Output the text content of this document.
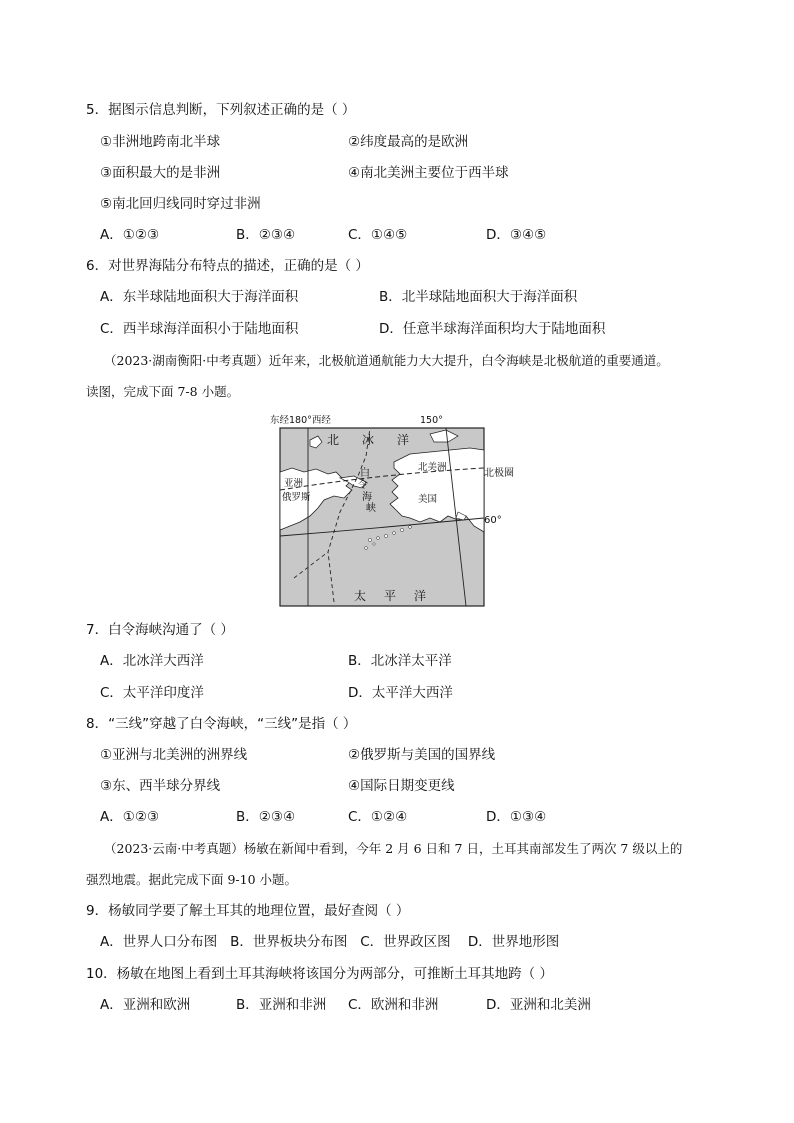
5．据图示信息判断，下列叙述正确的是（ ）
①非洲地跨南北半球	②纬度最高的是欧洲
③面积最大的是非洲	④南北美洲主要位于西半球
⑤南北回归线同时穿过非洲
A．①②③	B．②③④	C．①④⑤	D．③④⑤
6．对世界海陆分布特点的描述，正确的是（ ）
A．东半球陆地面积大于海洋面积	B．北半球陆地面积大于海洋面积
C．西半球海洋面积小于陆地面积	D．任意半球海洋面积均大于陆地面积
（2023·湖南衡阳·中考真题）近年来，北极航道通航能力大大提升，白令海峡是北极航道的重要通道。
读图，完成下面 7-8 小题。
东经180°西经	150°
北 冰 洋
北美洲
亚洲
俄罗斯
白
令
海
峡
美国
太 平 洋
北极圈
60°
7．白令海峡沟通了（ ）
A．北冰洋大西洋	B．北冰洋太平洋
C．太平洋印度洋	D．太平洋大西洋
8．“三线”穿越了白令海峡，“三线”是指（ ）
①亚洲与北美洲的洲界线	②俄罗斯与美国的国界线
③东、西半球分界线	④国际日期变更线
A．①②③	B．②③④	C．①②④	D．①③④
（2023·云南·中考真题）杨敏在新闻中看到，今年 2 月 6 日和 7 日，土耳其南部发生了两次 7 级以上的
强烈地震。据此完成下面 9-10 小题。
9．杨敏同学要了解土耳其的地理位置，最好查阅（ ）
A．世界人口分布图   B．世界板块分布图   C．世界政区图    D．世界地形图
10．杨敏在地图上看到土耳其海峡将该国分为两部分，可推断土耳其地跨（ ）
A．亚洲和欧洲	B．亚洲和非洲 C．欧洲和非洲	D．亚洲和北美洲
